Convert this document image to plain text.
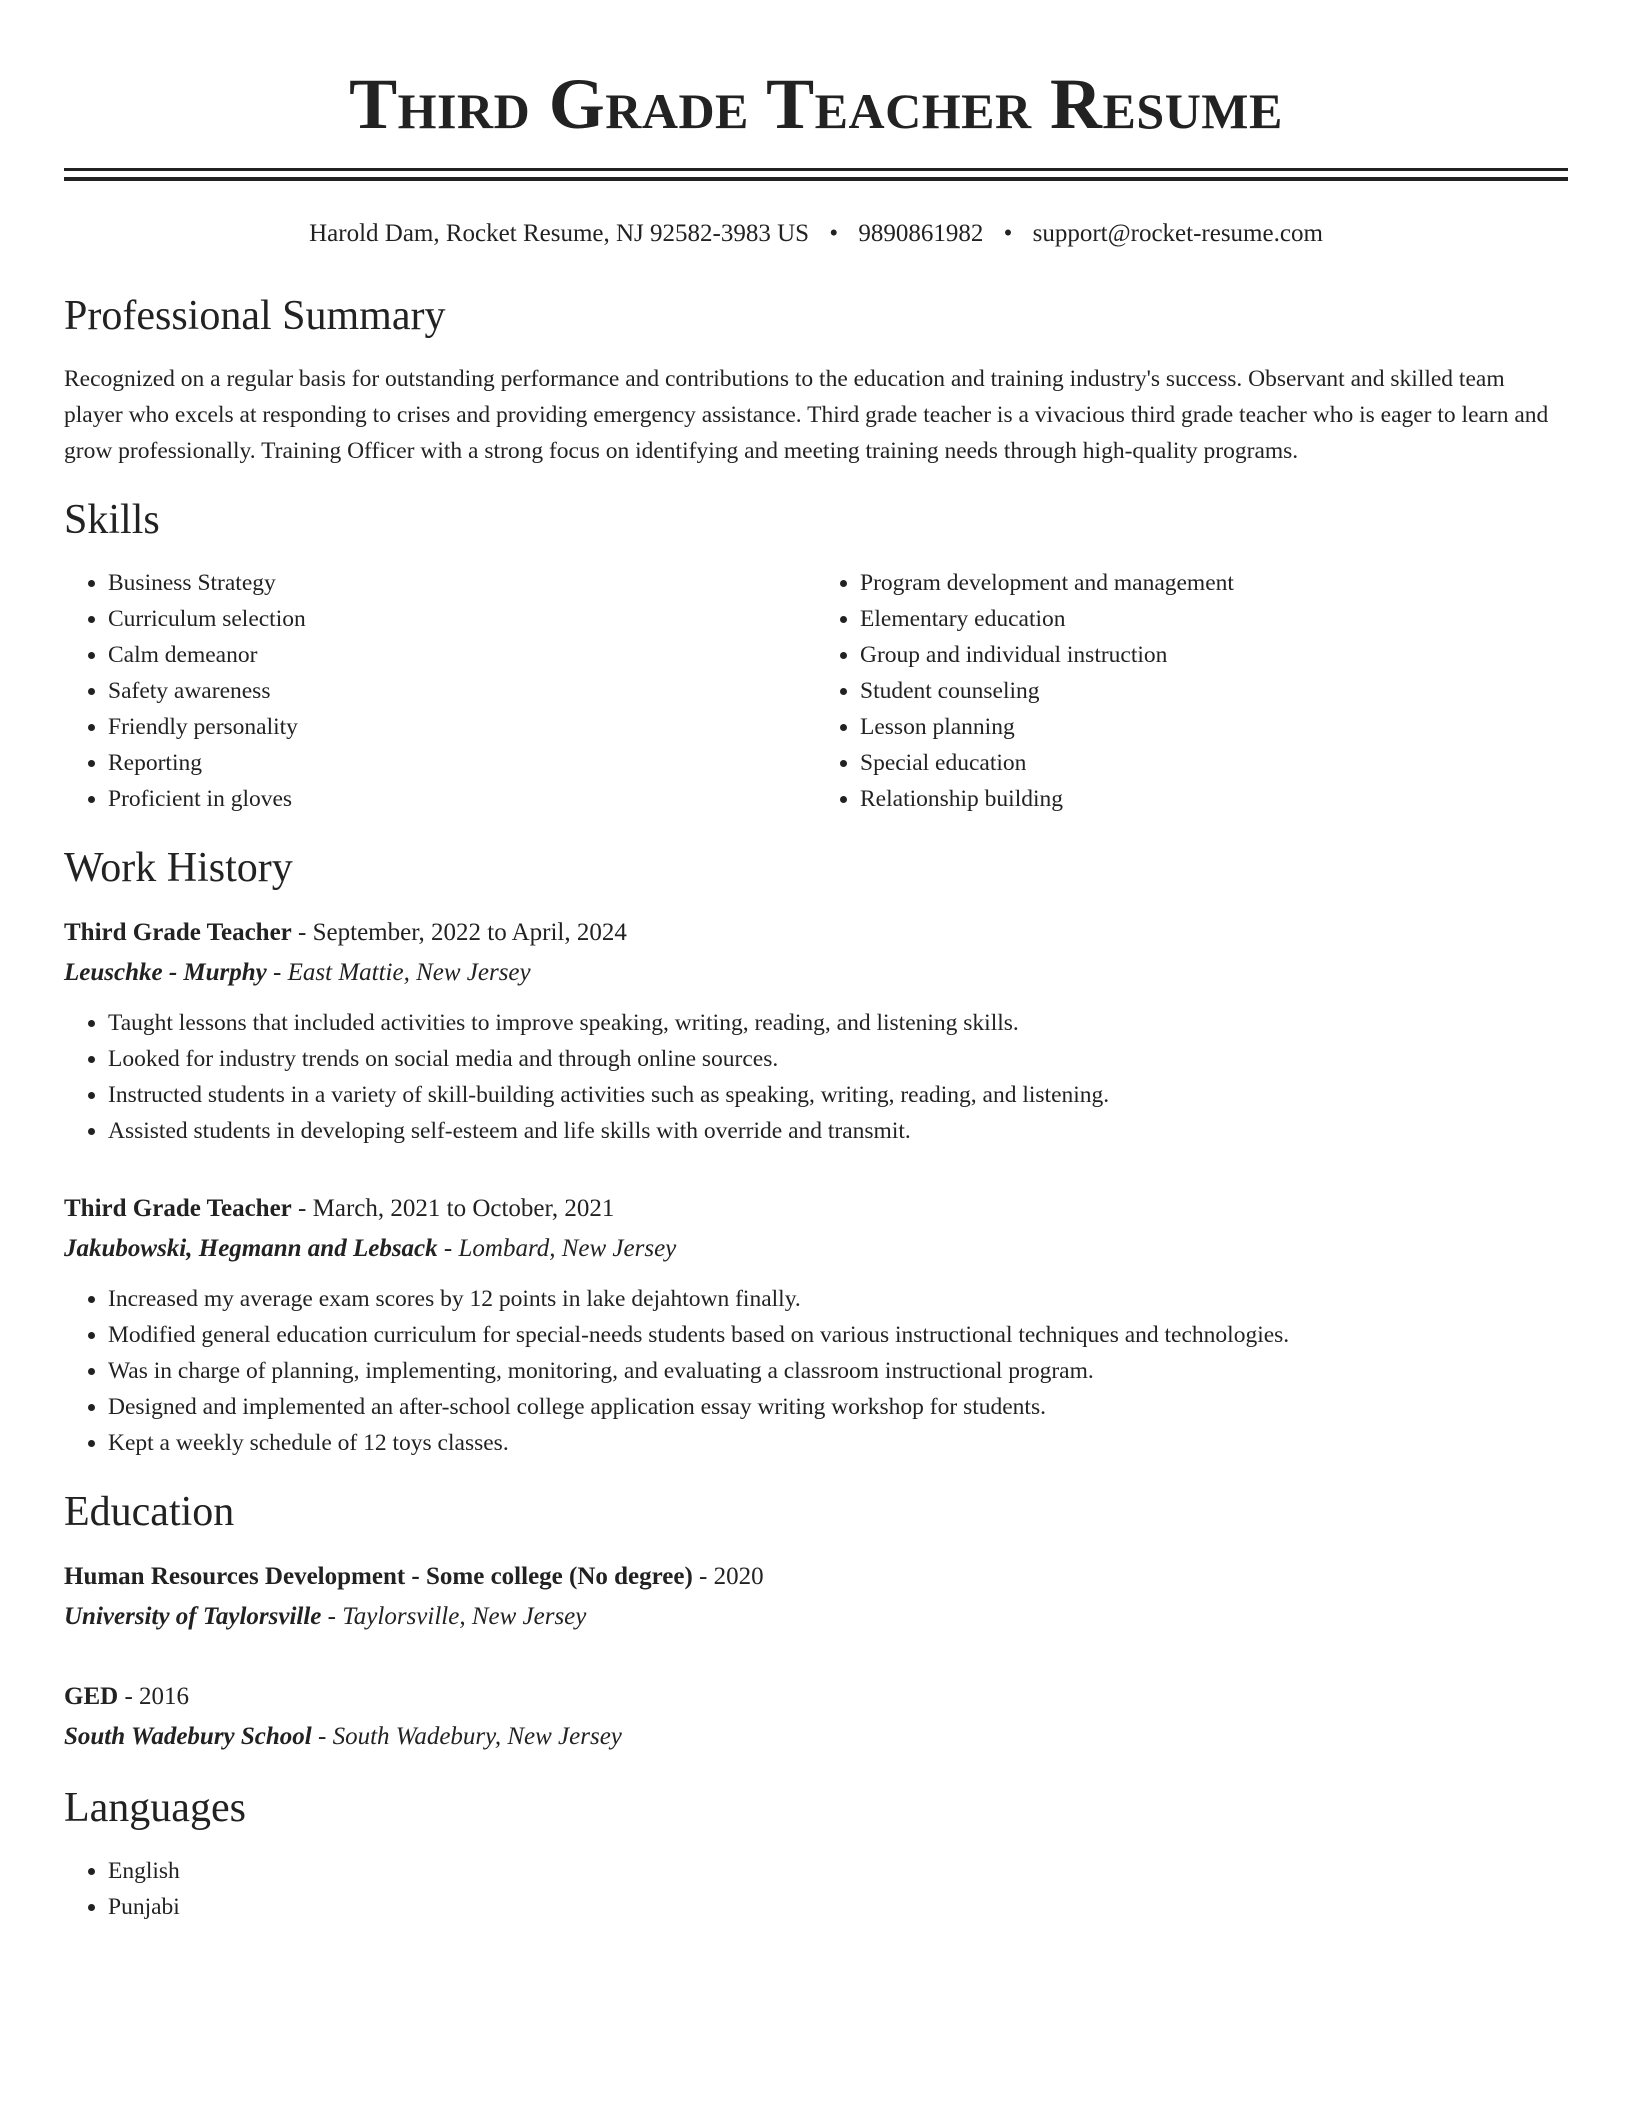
Third Grade Teacher Resume
Harold Dam, Rocket Resume, NJ 92582-3983 US • 9890861982 • support@rocket-resume.com
Professional Summary
Recognized on a regular basis for outstanding performance and contributions to the education and training industry's success. Observant and skilled team player who excels at responding to crises and providing emergency assistance. Third grade teacher is a vivacious third grade teacher who is eager to learn and grow professionally. Training Officer with a strong focus on identifying and meeting training needs through high-quality programs.
Skills
• Business Strategy
• Curriculum selection
• Calm demeanor
• Safety awareness
• Friendly personality
• Reporting
• Proficient in gloves
• Program development and management
• Elementary education
• Group and individual instruction
• Student counseling
• Lesson planning
• Special education
• Relationship building
Work History
Third Grade Teacher - September, 2022 to April, 2024
Leuschke - Murphy - East Mattie, New Jersey
• Taught lessons that included activities to improve speaking, writing, reading, and listening skills.
• Looked for industry trends on social media and through online sources.
• Instructed students in a variety of skill-building activities such as speaking, writing, reading, and listening.
• Assisted students in developing self-esteem and life skills with override and transmit.
Third Grade Teacher - March, 2021 to October, 2021
Jakubowski, Hegmann and Lebsack - Lombard, New Jersey
• Increased my average exam scores by 12 points in lake dejahtown finally.
• Modified general education curriculum for special-needs students based on various instructional techniques and technologies.
• Was in charge of planning, implementing, monitoring, and evaluating a classroom instructional program.
• Designed and implemented an after-school college application essay writing workshop for students.
• Kept a weekly schedule of 12 toys classes.
Education
Human Resources Development - Some college (No degree) - 2020
University of Taylorsville - Taylorsville, New Jersey
GED - 2016
South Wadebury School - South Wadebury, New Jersey
Languages
• English
• Punjabi
